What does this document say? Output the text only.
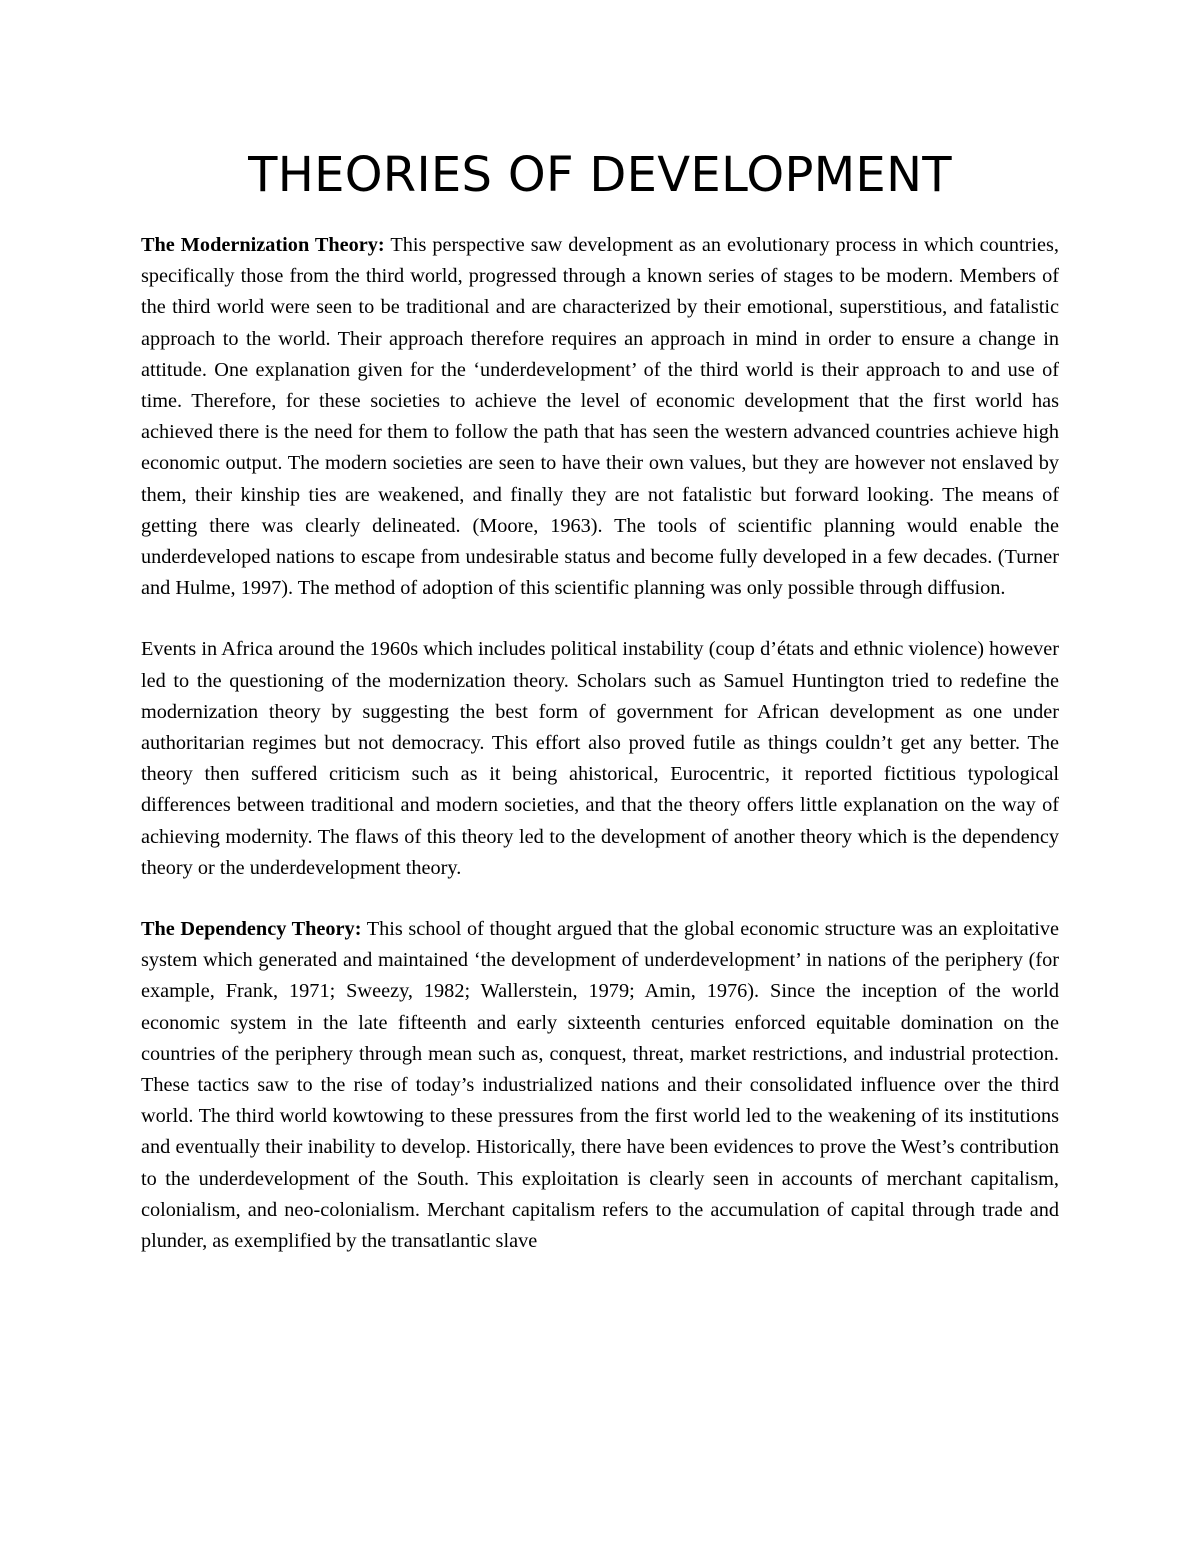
THEORIES OF DEVELOPMENT

The Modernization Theory: This perspective saw development as an evolutionary process in which countries, specifically those from the third world, progressed through a known series of stages to be modern. Members of the third world were seen to be traditional and are characterized by their emotional, superstitious, and fatalistic approach to the world. Their approach therefore requires an approach in mind in order to ensure a change in attitude. One explanation given for the ‘underdevelopment’ of the third world is their approach to and use of time. Therefore, for these societies to achieve the level of economic development that the first world has achieved there is the need for them to follow the path that has seen the western advanced countries achieve high economic output. The modern societies are seen to have their own values, but they are however not enslaved by them, their kinship ties are weakened, and finally they are not fatalistic but forward looking. The means of getting there was clearly delineated. (Moore, 1963). The tools of scientific planning would enable the underdeveloped nations to escape from undesirable status and become fully developed in a few decades. (Turner and Hulme, 1997). The method of adoption of this scientific planning was only possible through diffusion.

Events in Africa around the 1960s which includes political instability (coup d’états and ethnic violence) however led to the questioning of the modernization theory. Scholars such as Samuel Huntington tried to redefine the modernization theory by suggesting the best form of government for African development as one under authoritarian regimes but not democracy. This effort also proved futile as things couldn’t get any better. The theory then suffered criticism such as it being ahistorical, Eurocentric, it reported fictitious typological differences between traditional and modern societies, and that the theory offers little explanation on the way of achieving modernity. The flaws of this theory led to the development of another theory which is the dependency theory or the underdevelopment theory.

The Dependency Theory: This school of thought argued that the global economic structure was an exploitative system which generated and maintained ‘the development of underdevelopment’ in nations of the periphery (for example, Frank, 1971; Sweezy, 1982; Wallerstein, 1979; Amin, 1976). Since the inception of the world economic system in the late fifteenth and early sixteenth centuries enforced equitable domination on the countries of the periphery through mean such as, conquest, threat, market restrictions, and industrial protection. These tactics saw to the rise of today’s industrialized nations and their consolidated influence over the third world. The third world kowtowing to these pressures from the first world led to the weakening of its institutions and eventually their inability to develop. Historically, there have been evidences to prove the West’s contribution to the underdevelopment of the South. This exploitation is clearly seen in accounts of merchant capitalism, colonialism, and neo-colonialism. Merchant capitalism refers to the accumulation of capital through trade and plunder, as exemplified by the transatlantic slave
